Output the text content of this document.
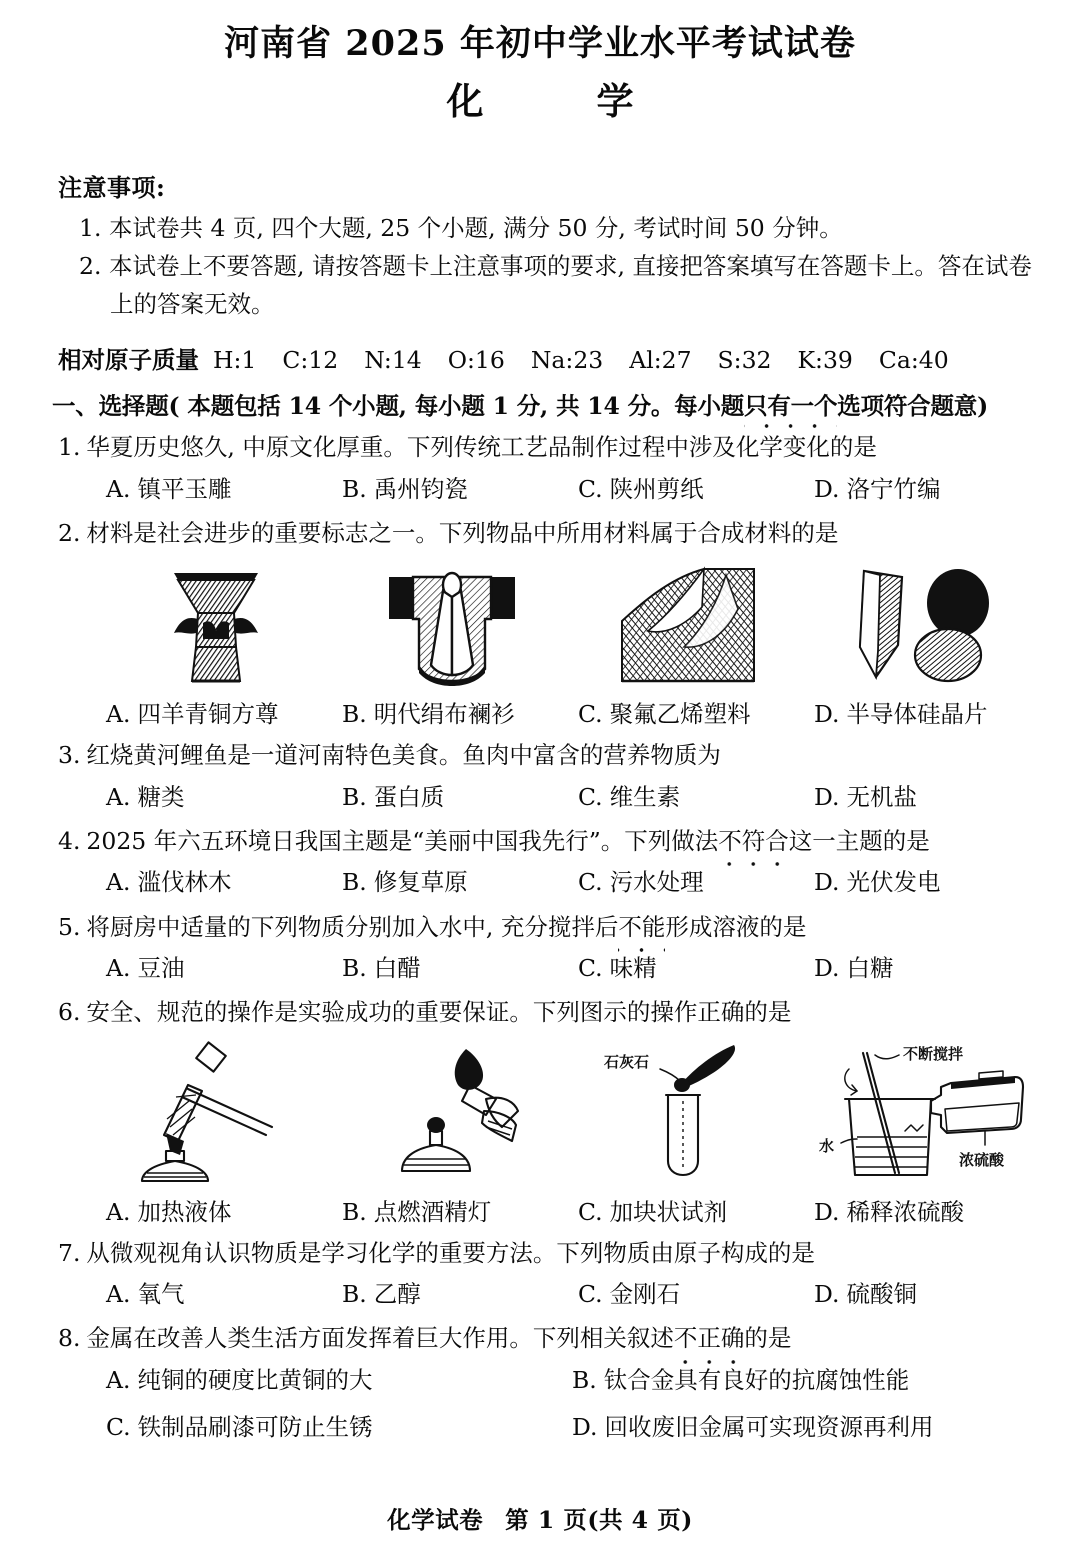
河南省 2025 年初中学业水平考试试卷
化　学
注意事项:
1. 本试卷共 4 页, 四个大题, 25 个小题, 满分 50 分, 考试时间 50 分钟。
2. 本试卷上不要答题, 请按答题卡上注意事项的要求, 直接把答案填写在答题卡上。答在试卷上的答案无效。
相对原子质量 H:1 C:12 N:14 O:16 Na:23 Al:27 S:32 K:39 Ca:40
一、选择题( 本题包括 14 个小题, 每小题 1 分, 共 14 分。每小题只有一个选项符合题意)
1. 华夏历史悠久, 中原文化厚重。下列传统工艺品制作过程中涉及化学变化的是
A. 镇平玉雕	B. 禹州钧瓷	C. 陕州剪纸	D. 洛宁竹编
2. 材料是社会进步的重要标志之一。下列物品中所用材料属于合成材料的是
A. 四羊青铜方尊	B. 明代绢布襕衫	C. 聚氟乙烯塑料	D. 半导体硅晶片
3. 红烧黄河鲤鱼是一道河南特色美食。鱼肉中富含的营养物质为
A. 糖类	B. 蛋白质	C. 维生素	D. 无机盐
4. 2025 年六五环境日我国主题是“美丽中国我先行”。下列做法不符合这一主题的是
A. 滥伐林木	B. 修复草原	C. 污水处理	D. 光伏发电
5. 将厨房中适量的下列物质分别加入水中, 充分搅拌后不能形成溶液的是
A. 豆油	B. 白醋	C. 味精	D. 白糖
6. 安全、规范的操作是实验成功的重要保证。下列图示的操作正确的是
A. 加热液体	B. 点燃酒精灯
石灰石
C. 加块状试剂
不断搅拌
水
浓硫酸
D. 稀释浓硫酸
7. 从微观视角认识物质是学习化学的重要方法。下列物质由原子构成的是
A. 氧气	B. 乙醇	C. 金刚石	D. 硫酸铜
8. 金属在改善人类生活方面发挥着巨大作用。下列相关叙述不正确的是
A. 纯铜的硬度比黄铜的大	B. 钛合金具有良好的抗腐蚀性能
C. 铁制品刷漆可防止生锈	D. 回收废旧金属可实现资源再利用
化学试卷 第 1 页(共 4 页)
